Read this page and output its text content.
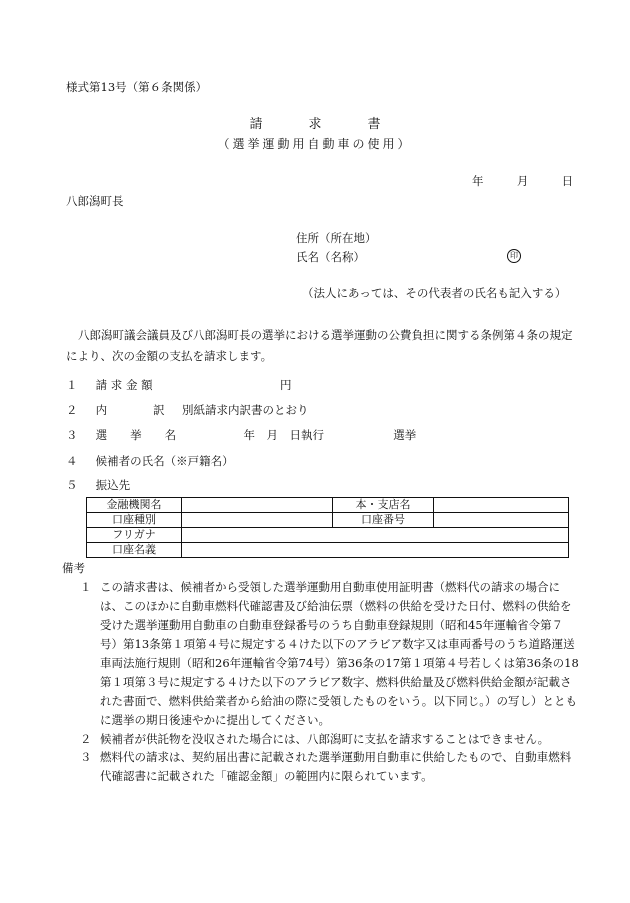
様式第13号（第６条関係）
請求書
（選挙運動用自動車の使用）
年	月	日
八郎潟町長
住所（所在地）
氏名（名称）	印
（法人にあっては、その代表者の氏名も記入する）
八郎潟町議会議員及び八郎潟町長の選挙における選挙運動の公費負担に関する条例第４条の規定により、次の金額の支払を請求します。
１ 請 求 金 額	円
２ 内　　　　訳 別紙請求内訳書のとおり
３ 選　　挙　　名	年　月　日執行	選挙
４ 候補者の氏名（※戸籍名）
５ 振込先
金融機関名		本・支店名	
口座種別		口座番号	
フリガナ			
口座名義			
備考
１ この請求書は、候補者から受領した選挙運動用自動車使用証明書（燃料代の請求の場合には、このほかに自動車燃料代確認書及び給油伝票（燃料の供給を受けた日付、燃料の供給を受けた選挙運動用自動車の自動車登録番号のうち自動車登録規則（昭和45年運輸省令第７号）第13条第１項第４号に規定する４けた以下のアラビア数字又は車両番号のうち道路運送車両法施行規則（昭和26年運輸省令第74号）第36条の17第１項第４号若しくは第36条の18第１項第３号に規定する４けた以下のアラビア数字、燃料供給量及び燃料供給金額が記載された書面で、燃料供給業者から給油の際に受領したものをいう。以下同じ。）の写し）とともに選挙の期日後速やかに提出してください。
２ 候補者が供託物を没収された場合には、八郎潟町に支払を請求することはできません。
３ 燃料代の請求は、契約届出書に記載された選挙運動用自動車に供給したもので、自動車燃料代確認書に記載された「確認金額」の範囲内に限られています。
